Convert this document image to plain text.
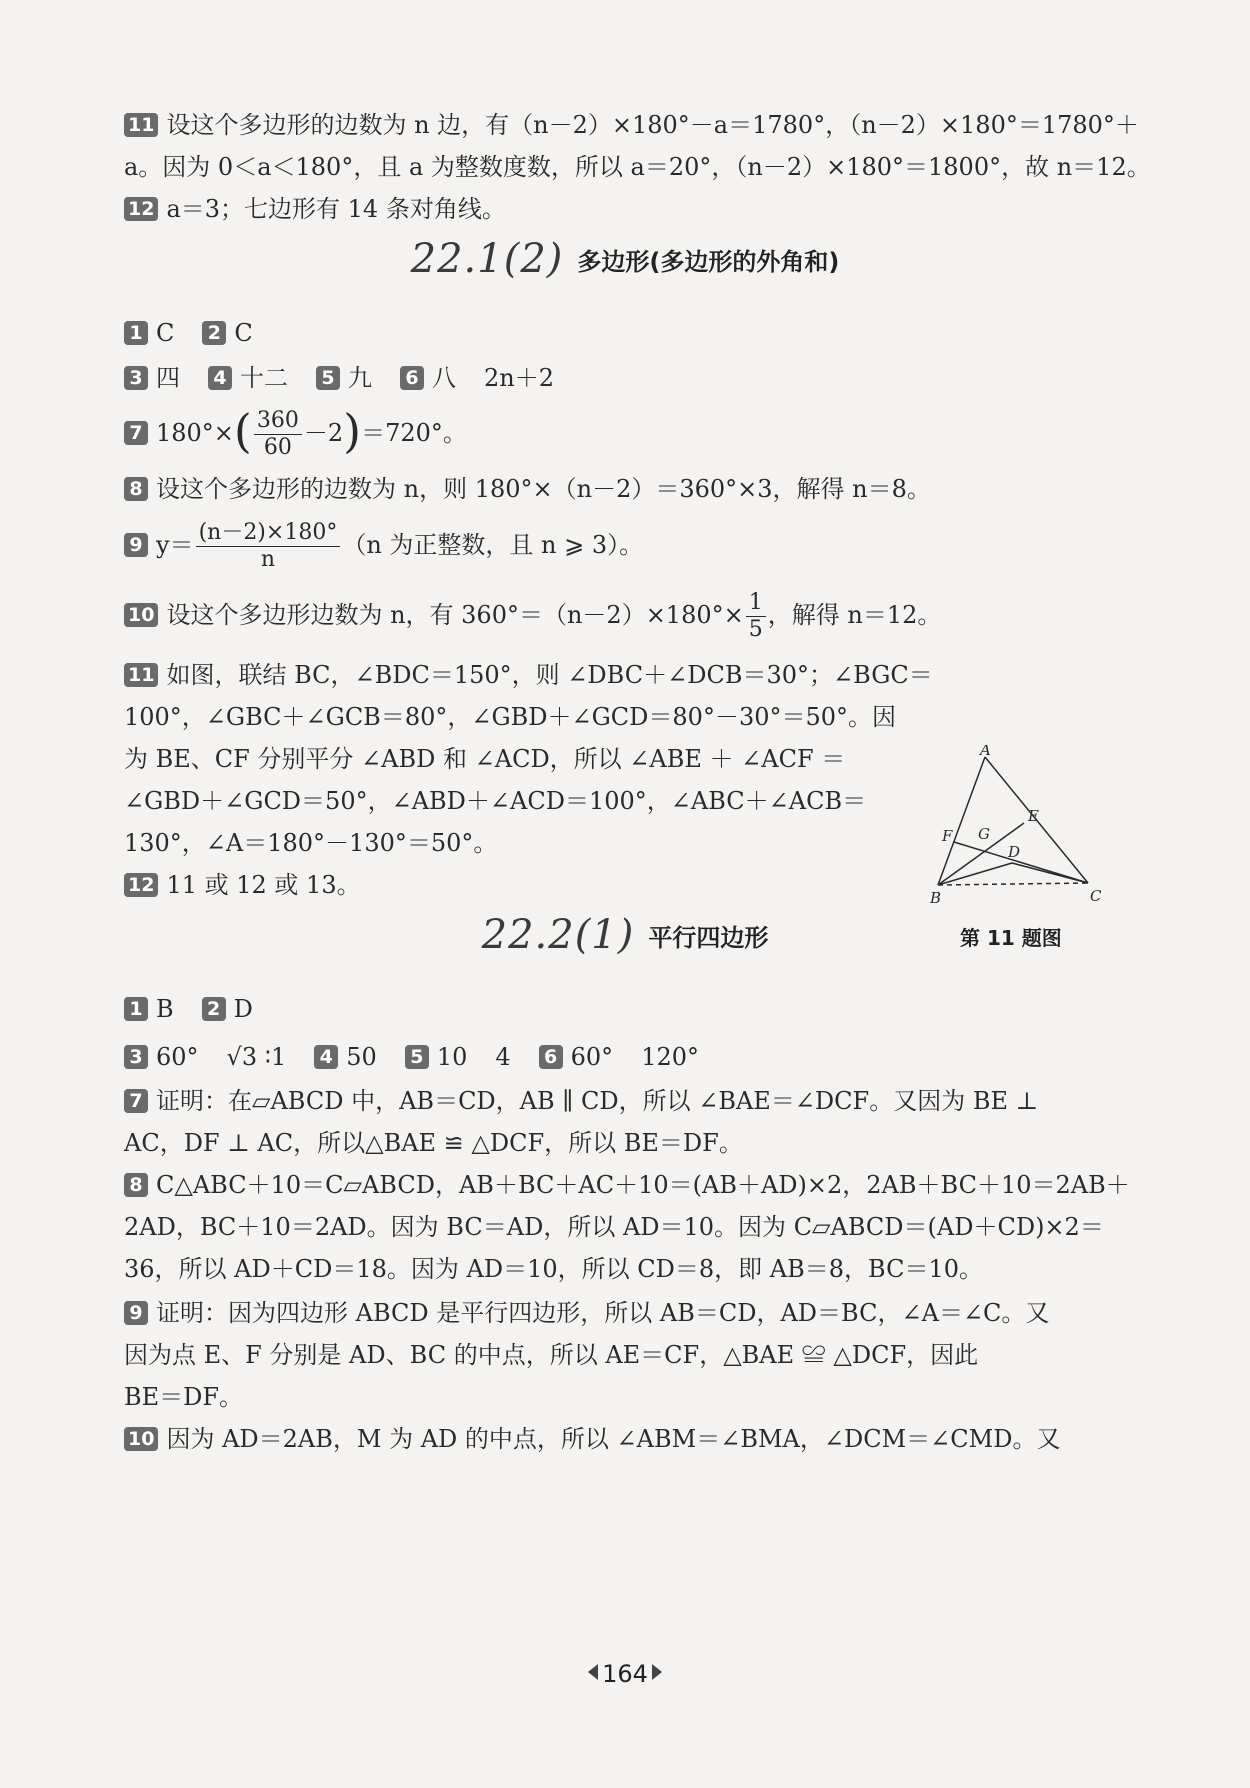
11 设这个多边形的边数为 n 边，有（n－2）×180°－a＝1780°，（n－2）×180°＝1780°＋
a。因为 0＜a＜180°，且 a 为整数度数，所以 a＝20°，（n－2）×180°＝1800°，故 n＝12。
12 a＝3；七边形有 14 条对角线。
22.1(2) 多边形(多边形的外角和)
1 C 2 C
3 四 4 十二 5 九 6 八 2n＋2
7 $180^\circ\times( \frac{360}{60} -2)=720^\circ$。
8 设这个多边形的边数为 n，则 180°×（n－2）＝360°×3，解得 n＝8。
9 $y= \frac{(n-2)\times 180^\circ}{n} (n$ 为正整数，且 n ⩾ 3）。
10 设这个多边形边数为 n，有 $360^\circ=(n-2)\times 180^\circ\times \frac{1}{5}$ ，解得 n＝12。
11 如图，联结 BC，∠BDC＝150°，则 ∠DBC＋∠DCB＝30°；∠BGC＝
100°，∠GBC＋∠GCB＝80°，∠GBD＋∠GCD＝80°－30°＝50°。因
为 BE、CF 分别平分 ∠ABD 和 ∠ACD，所以 ∠ABE ＋ ∠ACF ＝
∠GBD＋∠GCD＝50°，∠ABD＋∠ACD＝100°，∠ABC＋∠ACB＝
130°，∠A＝180°－130°＝50°。
12 11 或 12 或 13。
A
B	C
D
E
F G
第 11 题图
22.2(1) 平行四边形
1 B 2 D
3 60° √3 ∶1 4 50 5 10 4 6 60° 120°
7 证明：在▱ABCD 中，AB＝CD，AB ∥ CD，所以 ∠BAE＝∠DCF。又因为 BE ⊥
AC，DF ⊥ AC，所以△BAE ≌ △DCF，所以 BE＝DF。
8 C△ABC＋10＝C▱ABCD，AB＋BC＋AC＋10＝(AB＋AD)×2，2AB＋BC＋10＝2AB＋
2AD，BC＋10＝2AD。因为 BC＝AD，所以 AD＝10。因为 C▱ABCD＝(AD＋CD)×2＝
36，所以 AD＋CD＝18。因为 AD＝10，所以 CD＝8，即 AB＝8，BC＝10。
9 证明：因为四边形 ABCD 是平行四边形，所以 AB＝CD，AD＝BC，∠A＝∠C。又
因为点 E、F 分别是 AD、BC 的中点，所以 AE＝CF，△BAE ≌ △DCF，因此
BE＝DF。
10 因为 AD＝2AB，M 为 AD 的中点，所以 ∠ABM＝∠BMA，∠DCM＝∠CMD。又
164
